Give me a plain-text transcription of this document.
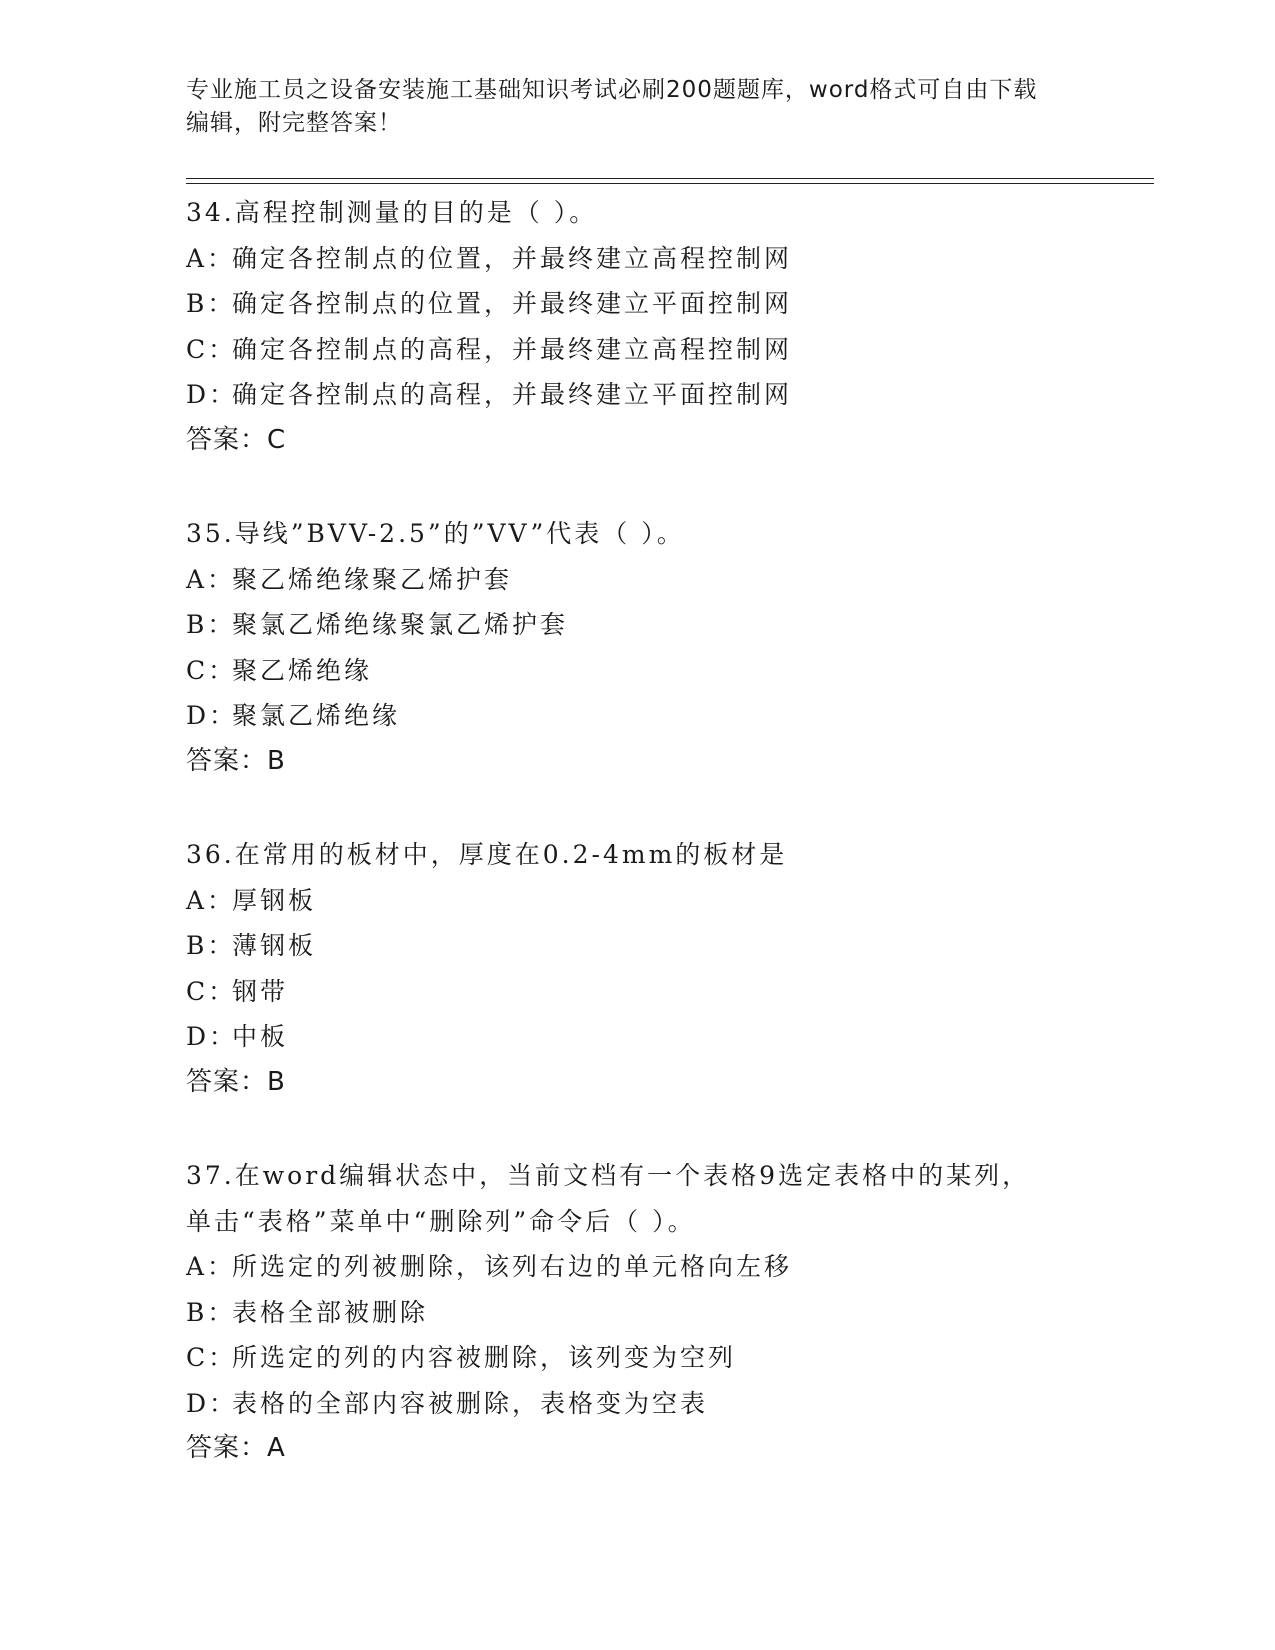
专业施工员之设备安装施工基础知识考试必刷200题题库，word格式可自由下载
编辑，附完整答案！
34.高程控制测量的目的是（ ）。
A：确定各控制点的位置，并最终建立高程控制网
B：确定各控制点的位置，并最终建立平面控制网
C：确定各控制点的高程，并最终建立高程控制网
D：确定各控制点的高程，并最终建立平面控制网
答案：C
35.导线”BVV-2.5”的”VV”代表（ ）。
A：聚乙烯绝缘聚乙烯护套
B：聚氯乙烯绝缘聚氯乙烯护套
C：聚乙烯绝缘
D：聚氯乙烯绝缘
答案：B
36.在常用的板材中，厚度在0.2-4mm的板材是
A：厚钢板
B：薄钢板
C：钢带
D：中板
答案：B
37.在word编辑状态中，当前文档有一个表格9选定表格中的某列，
单击“表格”菜单中“删除列”命令后（ ）。
A：所选定的列被删除，该列右边的单元格向左移
B：表格全部被删除
C：所选定的列的内容被删除，该列变为空列
D：表格的全部内容被删除，表格变为空表
答案：A
